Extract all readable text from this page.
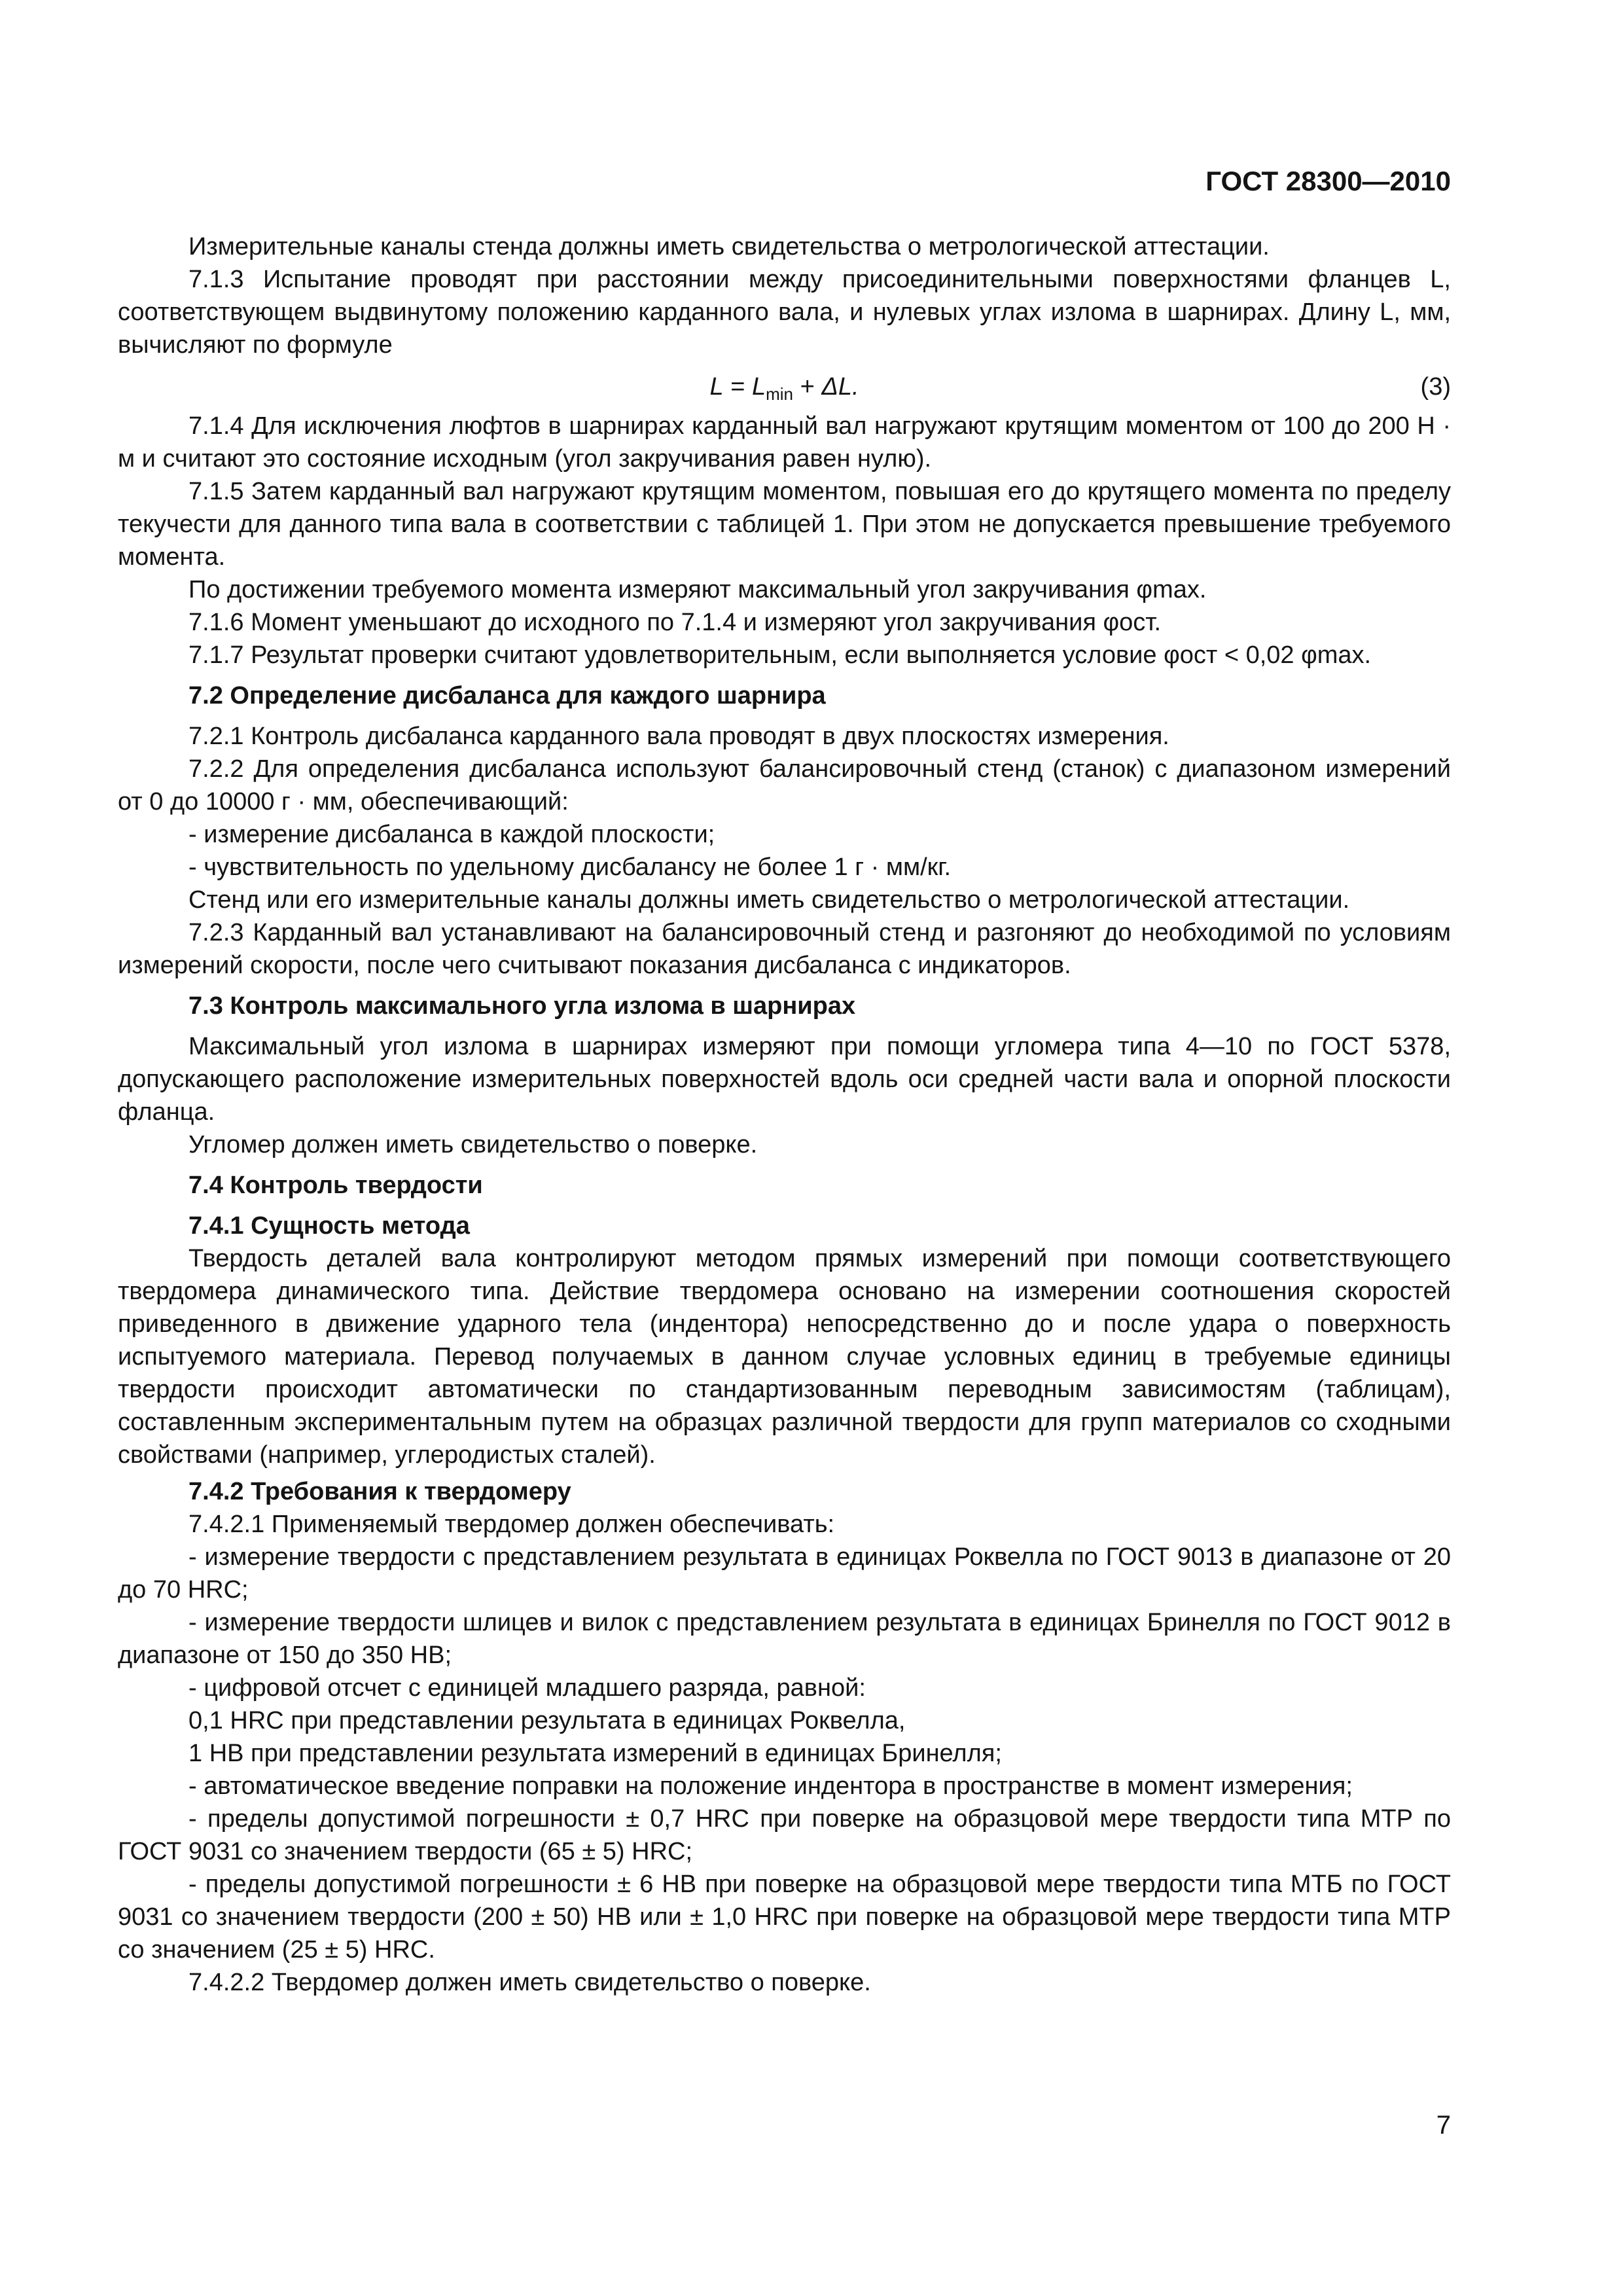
ГОСТ 28300—2010

Измерительные каналы стенда должны иметь свидетельства о метрологической аттестации.

7.1.3 Испытание проводят при расстоянии между присоединительными поверхностями фланцев L, соответствующем выдвинутому положению карданного вала, и нулевых углах излома в шарнирах. Длину L, мм, вычисляют по формуле

$L = L_{min} + \Delta L$.	(3)

7.1.4 Для исключения люфтов в шарнирах карданный вал нагружают крутящим моментом от 100 до 200 Н · м и считают это состояние исходным (угол закручивания равен нулю).

7.1.5 Затем карданный вал нагружают крутящим моментом, повышая его до крутящего момента по пределу текучести для данного типа вала в соответствии с таблицей 1. При этом не допускается превышение требуемого момента.

По достижении требуемого момента измеряют максимальный угол закручивания φmax.

7.1.6 Момент уменьшают до исходного по 7.1.4 и измеряют угол закручивания φост.

7.1.7 Результат проверки считают удовлетворительным, если выполняется условие φост < 0,02 φmax.

7.2 Определение дисбаланса для каждого шарнира

7.2.1 Контроль дисбаланса карданного вала проводят в двух плоскостях измерения.

7.2.2 Для определения дисбаланса используют балансировочный стенд (станок) с диапазоном измерений от 0 до 10000 г · мм, обеспечивающий:

- измерение дисбаланса в каждой плоскости;

- чувствительность по удельному дисбалансу не более 1 г · мм/кг.

Стенд или его измерительные каналы должны иметь свидетельство о метрологической аттестации.

7.2.3 Карданный вал устанавливают на балансировочный стенд и разгоняют до необходимой по условиям измерений скорости, после чего считывают показания дисбаланса с индикаторов.

7.3 Контроль максимального угла излома в шарнирах

Максимальный угол излома в шарнирах измеряют при помощи угломера типа 4—10 по ГОСТ 5378, допускающего расположение измерительных поверхностей вдоль оси средней части вала и опорной плоскости фланца.

Угломер должен иметь свидетельство о поверке.

7.4 Контроль твердости

7.4.1 Сущность метода

Твердость деталей вала контролируют методом прямых измерений при помощи соответствующего твердомера динамического типа. Действие твердомера основано на измерении соотношения скоростей приведенного в движение ударного тела (индентора) непосредственно до и после удара о поверхность испытуемого материала. Перевод получаемых в данном случае условных единиц в требуемые единицы твердости происходит автоматически по стандартизованным переводным зависимостям (таблицам), составленным экспериментальным путем на образцах различной твердости для групп материалов со сходными свойствами (например, углеродистых сталей).

7.4.2 Требования к твердомеру

7.4.2.1 Применяемый твердомер должен обеспечивать:

- измерение твердости с представлением результата в единицах Роквелла по ГОСТ 9013 в диапазоне от 20 до 70 HRC;

- измерение твердости шлицев и вилок с представлением результата в единицах Бринелля по ГОСТ 9012 в диапазоне от 150 до 350 НВ;

- цифровой отсчет с единицей младшего разряда, равной:

0,1 HRC при представлении результата в единицах Роквелла,

1 НВ при представлении результата измерений в единицах Бринелля;

- автоматическое введение поправки на положение индентора в пространстве в момент измерения;

- пределы допустимой погрешности ± 0,7 HRC при поверке на образцовой мере твердости типа МТР по ГОСТ 9031 со значением твердости (65 ± 5) HRC;

- пределы допустимой погрешности ± 6 НВ при поверке на образцовой мере твердости типа МТБ по ГОСТ 9031 со значением твердости (200 ± 50) НВ или ± 1,0 HRC при поверке на образцовой мере твердости типа МТР со значением (25 ± 5) HRC.

7.4.2.2 Твердомер должен иметь свидетельство о поверке.

7
